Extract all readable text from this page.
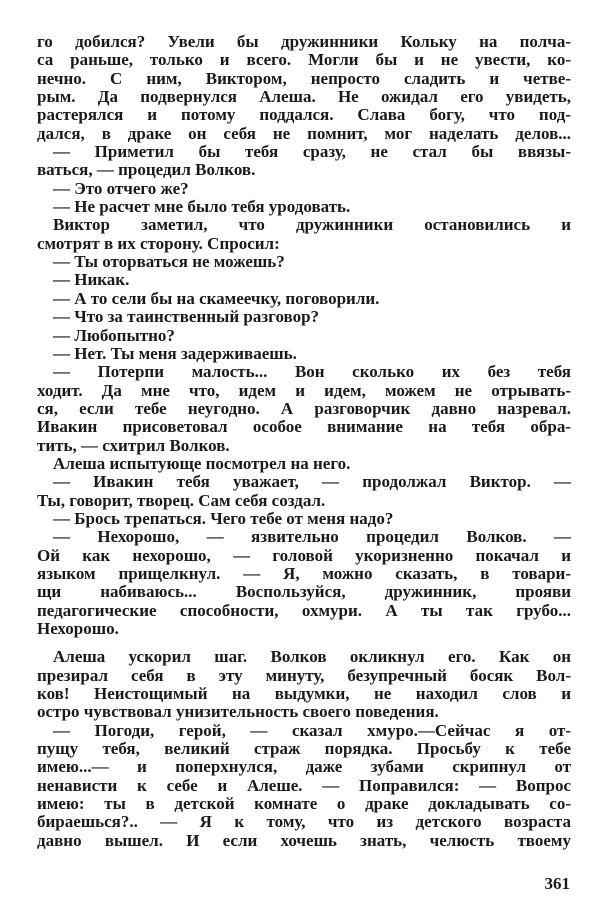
го добился? Увели бы дружинники Кольку на полча-
са раньше, только и всего. Могли бы и не увести, ко-
нечно. С ним, Виктором, непросто сладить и четве-
рым. Да подвернулся Алеша. Не ожидал его увидеть,
растерялся и потому поддался. Слава богу, что под-
дался, в драке он себя не помнит, мог наделать делов...
— Приметил бы тебя сразу, не стал бы ввязы-
ваться, — процедил Волков.
— Это отчего же?
— Не расчет мне было тебя уродовать.
Виктор заметил, что дружинники остановились и
смотрят в их сторону. Спросил:
— Ты оторваться не можешь?
— Никак.
— А то сели бы на скамеечку, поговорили.
— Что за таинственный разговор?
— Любопытно?
— Нет. Ты меня задерживаешь.
— Потерпи малость... Вон сколько их без тебя
ходит. Да мне что, идем и идем, можем не отрывать-
ся, если тебе неугодно. А разговорчик давно назревал.
Ивакин присоветовал особое внимание на тебя обра-
тить, — схитрил Волков.
Алеша испытующе посмотрел на него.
— Ивакин тебя уважает, — продолжал Виктор. —
Ты, говорит, творец. Сам себя создал.
— Брось трепаться. Чего тебе от меня надо?
— Нехорошо, — язвительно процедил Волков. —
Ой как нехорошо, — головой укоризненно покачал и
языком прищелкнул. — Я, можно сказать, в товари-
щи набиваюсь... Воспользуйся, дружинник, прояви
педагогические способности, охмури. А ты так грубо...
Нехорошо.
Алеша ускорил шаг. Волков окликнул его. Как он
презирал себя в эту минуту, безупречный босяк Вол-
ков! Неистощимый на выдумки, не находил слов и
остро чувствовал унизительность своего поведения.
— Погоди, герой, — сказал хмуро.—Сейчас я от-
пущу тебя, великий страж порядка. Просьбу к тебе
имею...— и поперхнулся, даже зубами скрипнул от
ненависти к себе и Алеше. — Поправился: — Вопрос
имею: ты в детской комнате о драке докладывать со-
бираешься?.. — Я к тому, что из детского возраста
давно вышел. И если хочешь знать, челюсть твоему
361
